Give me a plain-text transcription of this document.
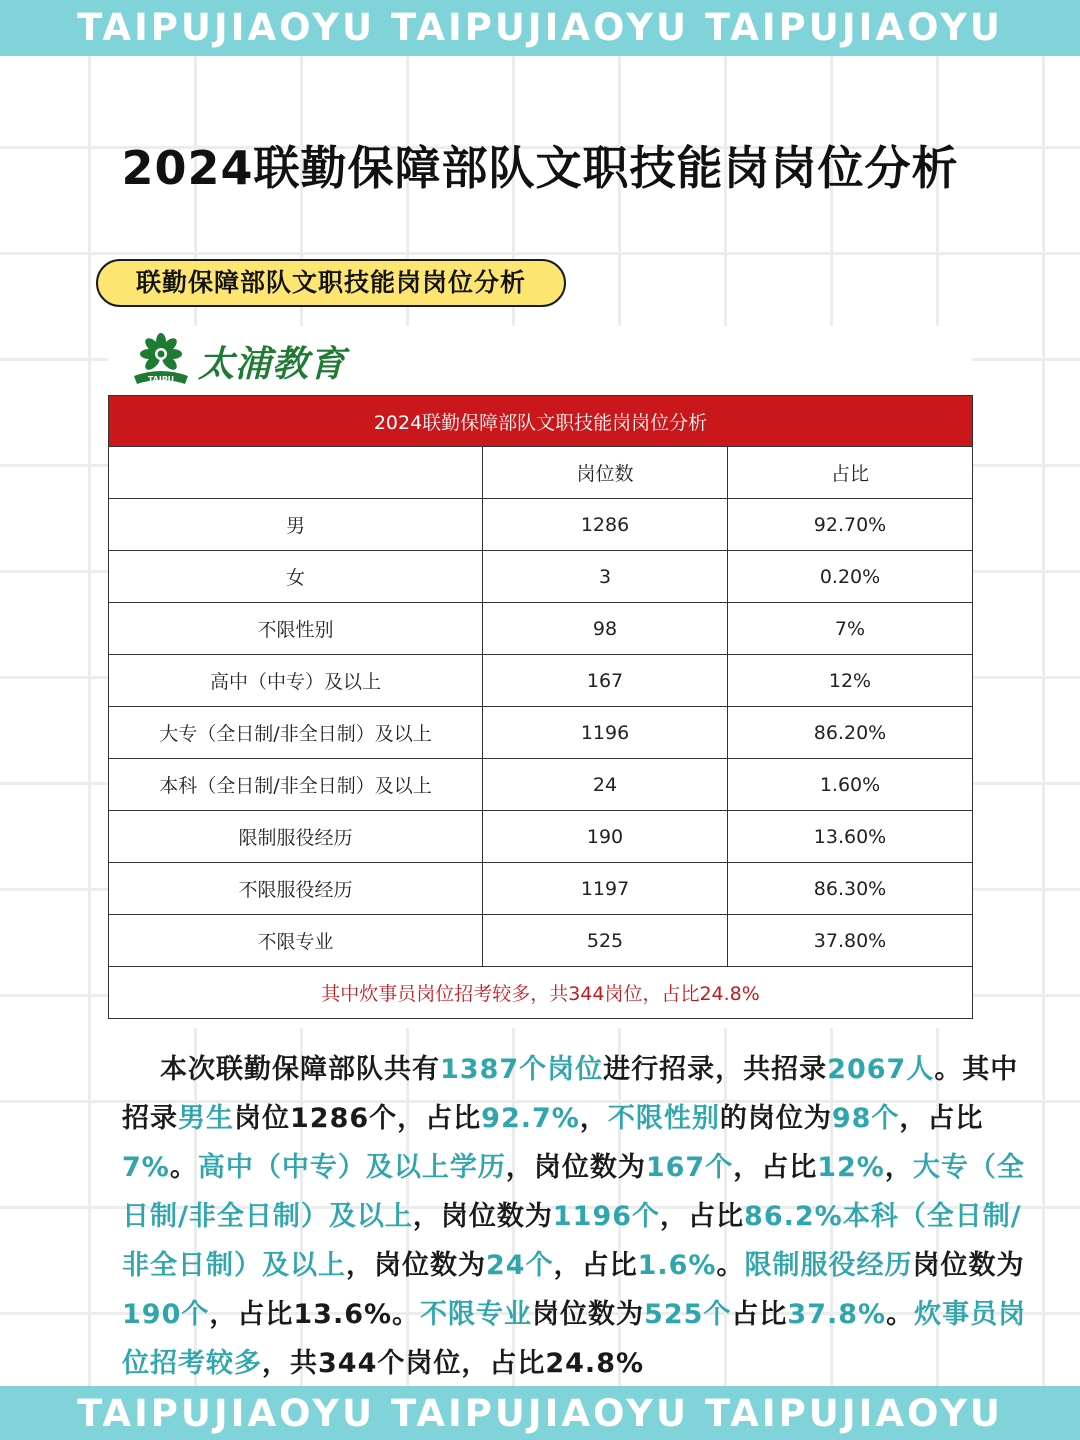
TAIPUJIAOYU TAIPUJIAOYU TAIPUJIAOYU
2024联勤保障部队文职技能岗岗位分析
联勤保障部队文职技能岗岗位分析
TAIPU 太浦教育
2024联勤保障部队文职技能岗岗位分析		
	岗位数	占比
男	1286	92.70%
女	3	0.20%
不限性别	98	7%
高中（中专）及以上	167	12%
大专（全日制/非全日制）及以上	1196	86.20%
本科（全日制/非全日制）及以上	24	1.60%
限制服役经历	190	13.60%
不限服役经历	1197	86.30%
不限专业	525	37.80%
其中炊事员岗位招考较多，共344岗位，占比24.8%		
本次联勤保障部队共有1387个岗位进行招录，共招录2067人。其中招录男生岗位1286个，占比92.7%，不限性别的岗位为98个，占比7%。高中（中专）及以上学历，岗位数为167个，占比12%，大专（全日制/非全日制）及以上，岗位数为1196个，占比86.2%本科（全日制/非全日制）及以上，岗位数为24个，占比1.6%。限制服役经历岗位数为190个，占比13.6%。不限专业岗位数为525个占比37.8%。炊事员岗位招考较多，共344个岗位，占比24.8%
TAIPUJIAOYU TAIPUJIAOYU TAIPUJIAOYU
